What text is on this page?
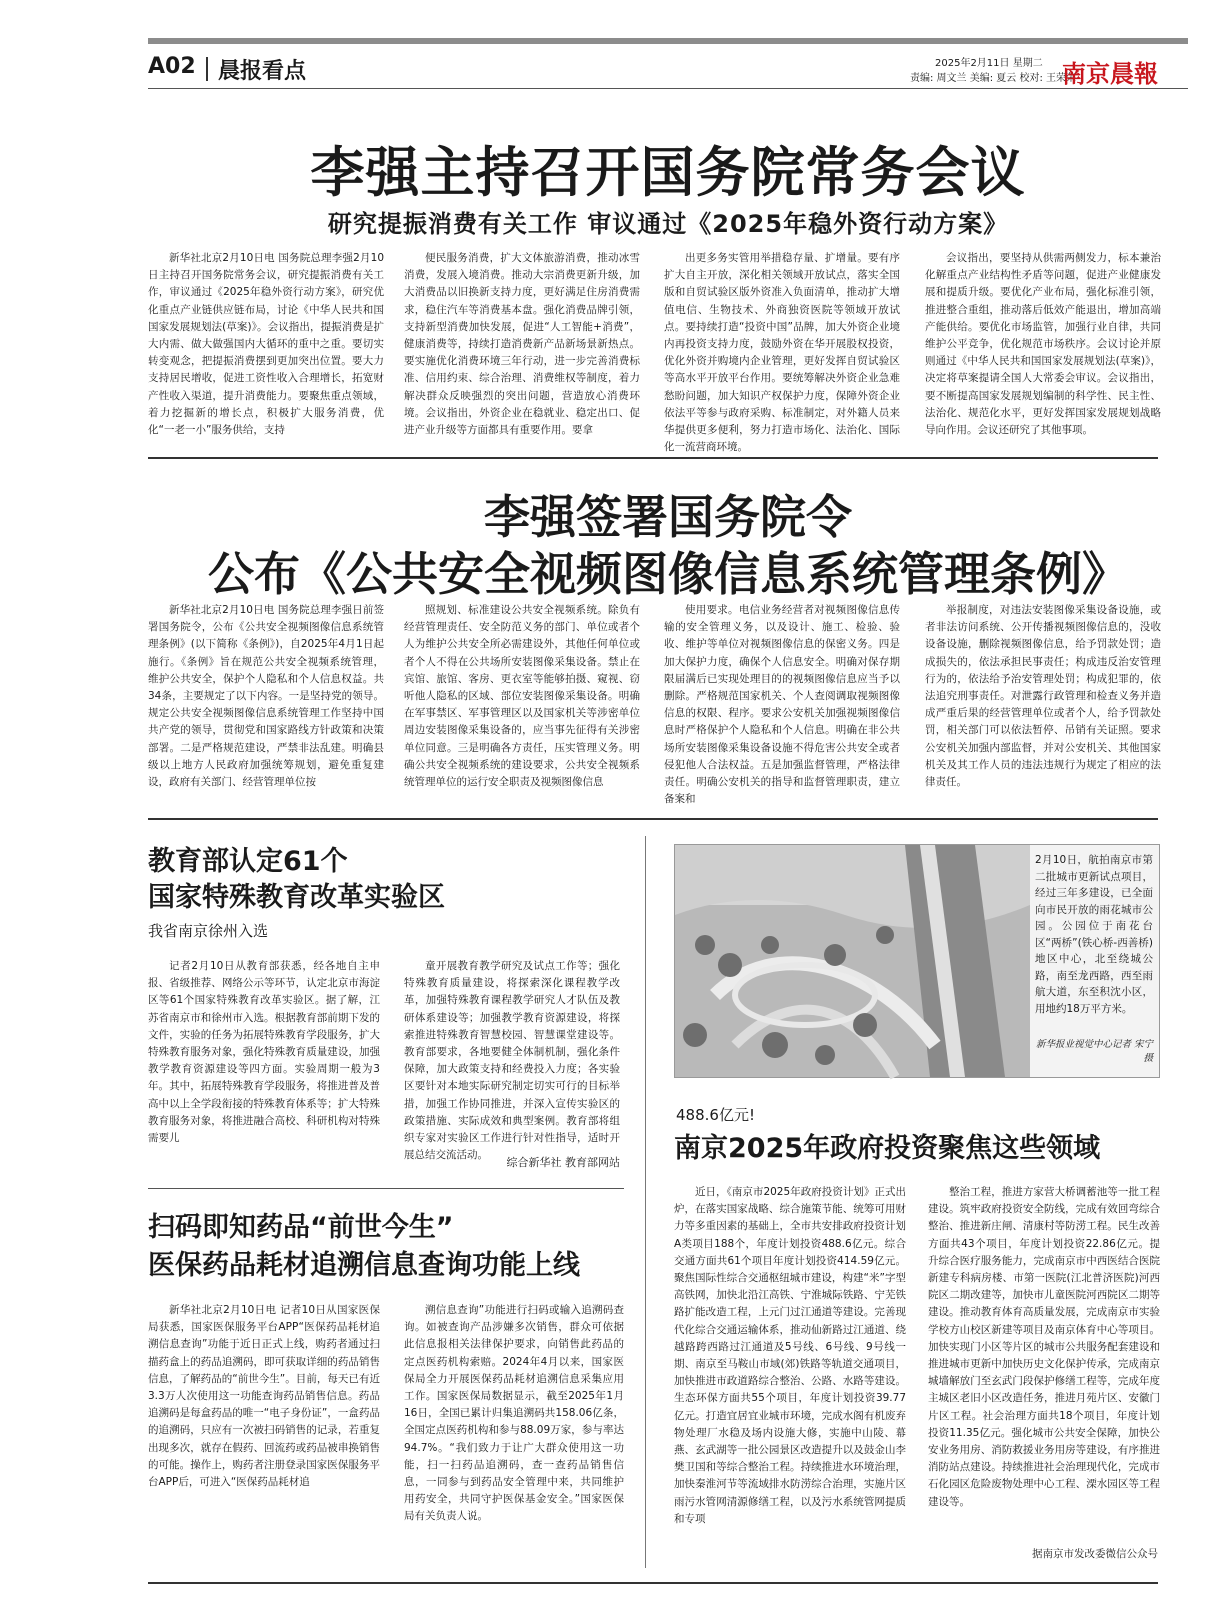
A02 晨报看点	2025年2月11日 星期二
责编: 周文兰 美编: 夏云 校对: 王荣荣
南京晨報
李强主持召开国务院常务会议
研究提振消费有关工作 审议通过《2025年稳外资行动方案》

新华社北京2月10日电 国务院总理李强2月10日主持召开国务院常务会议，研究提振消费有关工作，审议通过《2025年稳外资行动方案》，研究优化重点产业链供应链布局，讨论《中华人民共和国国家发展规划法(草案)》。会议指出，提振消费是扩大内需、做大做强国内大循环的重中之重。要切实转变观念，把提振消费摆到更加突出位置。要大力支持居民增收，促进工资性收入合理增长，拓宽财产性收入渠道，提升消费能力。要聚焦重点领域，着力挖掘新的增长点，积极扩大服务消费，优化“一老一小”服务供给，支持

便民服务消费，扩大文体旅游消费，推动冰雪消费，发展入境消费。推动大宗消费更新升级，加大消费品以旧换新支持力度，更好满足住房消费需求，稳住汽车等消费基本盘。强化消费品牌引领，支持新型消费加快发展，促进“人工智能+消费”，健康消费等，持续打造消费新产品新场景新热点。要实施优化消费环境三年行动，进一步完善消费标准、信用约束、综合治理、消费维权等制度，着力解决群众反映强烈的突出问题，营造放心消费环境。会议指出，外资企业在稳就业、稳定出口、促进产业升级等方面都具有重要作用。要拿

出更多务实管用举措稳存量、扩增量。要有序扩大自主开放，深化相关领域开放试点，落实全国版和自贸试验区版外资准入负面清单，推动扩大增值电信、生物技术、外商独资医院等领域开放试点。要持续打造“投资中国”品牌，加大外资企业境内再投资支持力度，鼓励外资在华开展股权投资，优化外资并购境内企业管理，更好发挥自贸试验区等高水平开放平台作用。要统筹解决外资企业急难愁盼问题，加大知识产权保护力度，保障外资企业依法平等参与政府采购、标准制定，对外籍人员来华提供更多便利，努力打造市场化、法治化、国际化一流营商环境。

会议指出，要坚持从供需两侧发力，标本兼治化解重点产业结构性矛盾等问题，促进产业健康发展和提质升级。要优化产业布局，强化标准引领，推进整合重组，推动落后低效产能退出，增加高端产能供给。要优化市场监管，加强行业自律，共同维护公平竞争，优化规范市场秩序。会议讨论并原则通过《中华人民共和国国家发展规划法(草案)》，决定将草案提请全国人大常委会审议。会议指出，要不断提高国家发展规划编制的科学性、民主性、法治化、规范化水平，更好发挥国家发展规划战略导向作用。会议还研究了其他事项。

李强签署国务院令
公布《公共安全视频图像信息系统管理条例》

新华社北京2月10日电 国务院总理李强日前签署国务院令，公布《公共安全视频图像信息系统管理条例》(以下简称《条例》)，自2025年4月1日起施行。《条例》旨在规范公共安全视频系统管理，维护公共安全，保护个人隐私和个人信息权益。共34条，主要规定了以下内容。一是坚持党的领导。规定公共安全视频图像信息系统管理工作坚持中国共产党的领导，贯彻党和国家路线方针政策和决策部署。二是严格规范建设，严禁非法乱建。明确县级以上地方人民政府加强统筹规划，避免重复建设，政府有关部门、经营管理单位按

照规划、标准建设公共安全视频系统。除负有经营管理责任、安全防范义务的部门、单位或者个人为维护公共安全所必需建设外，其他任何单位或者个人不得在公共场所安装图像采集设备。禁止在宾馆、旅馆、客房、更衣室等能够拍摄、窥视、窃听他人隐私的区域、部位安装图像采集设备。明确在军事禁区、军事管理区以及国家机关等涉密单位周边安装图像采集设备的，应当事先征得有关涉密单位同意。三是明确各方责任，压实管理义务。明确公共安全视频系统的建设要求，公共安全视频系统管理单位的运行安全职责及视频图像信息

使用要求。电信业务经营者对视频图像信息传输的安全管理义务，以及设计、施工、检验、验收、维护等单位对视频图像信息的保密义务。四是加大保护力度，确保个人信息安全。明确对保存期限届满后已实现处理目的的视频图像信息应当予以删除。严格规范国家机关、个人查阅调取视频图像信息的权限、程序。要求公安机关加强视频图像信息时严格保护个人隐私和个人信息。明确在非公共场所安装图像采集设备设施不得危害公共安全或者侵犯他人合法权益。五是加强监督管理，严格法律责任。明确公安机关的指导和监督管理职责，建立备案和

举报制度，对违法安装图像采集设备设施，或者非法访问系统、公开传播视频图像信息的，没收设备设施，删除视频图像信息，给予罚款处罚；造成损失的，依法承担民事责任；构成违反治安管理行为的，依法给予治安管理处罚；构成犯罪的，依法追究刑事责任。对泄露行政管理和检查义务并造成严重后果的经营管理单位或者个人，给予罚款处罚，相关部门可以依法暂停、吊销有关证照。要求公安机关加强内部监督，并对公安机关、其他国家机关及其工作人员的违法违规行为规定了相应的法律责任。

教育部认定61个
国家特殊教育改革实验区
我省南京徐州入选

记者2月10日从教育部获悉，经各地自主申报、省级推荐、网络公示等环节，认定北京市海淀区等61个国家特殊教育改革实验区。据了解，江苏省南京市和徐州市入选。根据教育部前期下发的文件，实验的任务为拓展特殊教育学段服务，扩大特殊教育服务对象，强化特殊教育质量建设，加强教学教育资源建设等四方面。实验周期一般为3年。其中，拓展特殊教育学段服务，将推进普及普高中以上全学段衔接的特殊教育体系等；扩大特殊教育服务对象，将推进融合高校、科研机构对特殊需要儿

童开展教育教学研究及试点工作等；强化特殊教育质量建设，将探索深化课程教学改革，加强特殊教育课程教学研究人才队伍及教研体系建设等；加强教学教育资源建设，将探索推进特殊教育智慧校园、智慧课堂建设等。教育部要求，各地要健全体制机制，强化条件保障，加大政策支持和经费投入力度；各实验区要针对本地实际研究制定切实可行的目标举措，加强工作协同推进，并深入宣传实验区的政策措施、实际成效和典型案例。教育部将组织专家对实验区工作进行针对性指导，适时开展总结交流活动。

综合新华社 教育部网站
扫码即知药品“前世今生”
医保药品耗材追溯信息查询功能上线

新华社北京2月10日电 记者10日从国家医保局获悉，国家医保服务平台APP“医保药品耗材追溯信息查询”功能于近日正式上线，购药者通过扫描药盒上的药品追溯码，即可获取详细的药品销售信息，了解药品的“前世今生”。目前，每天已有近3.3万人次使用这一功能查询药品销售信息。药品追溯码是每盒药品的唯一“电子身份证”，一盒药品的追溯码，只应有一次被扫码销售的记录，若重复出现多次，就存在假药、回流药或药品被串换销售的可能。操作上，购药者注册登录国家医保服务平台APP后，可进入“医保药品耗材追

溯信息查询”功能进行扫码或输入追溯码查询。如被查询产品涉嫌多次销售，群众可依据此信息报相关法律保护要求，向销售此药品的定点医药机构索赔。2024年4月以来，国家医保局全力开展医保药品耗材追溯信息采集应用工作。国家医保局数据显示，截至2025年1月16日，全国已累计归集追溯码共158.06亿条，全国定点医药机构和参与88.09万家，参与率达94.7%。“我们致力于让广大群众使用这一功能，扫一扫药品追溯码，查一查药品销售信息，一同参与到药品安全管理中来，共同维护用药安全，共同守护医保基金安全。”国家医保局有关负责人说。

2月10日，航拍南京市第二批城市更新试点项目，经过三年多建设，已全面向市民开放的雨花城市公园。公园位于南花台区“两桥”(铁心桥-西善桥)地区中心，北至绕城公路，南至龙西路，西至雨航大道，东至积沈小区，用地约18万平方米。
新华报业视觉中心记者 宋宁 摄
488.6亿元!
南京2025年政府投资聚焦这些领域

近日，《南京市2025年政府投资计划》正式出炉，在落实国家战略、综合施策节能、统筹可用财力等多重因素的基础上，全市共安排政府投资计划A类项目188个，年度计划投资488.6亿元。综合交通方面共61个项目年度计划投资414.59亿元。聚焦国际性综合交通枢纽城市建设，构建“米”字型高铁网，加快北沿江高铁、宁淮城际铁路、宁芜铁路扩能改造工程，上元门过江通道等建设。完善现代化综合交通运输体系，推动仙新路过江通道、绕越路跨西路过江通道及5号线、6号线、9号线一期、南京至马鞍山市域(郊)铁路等轨道交通项目，加快推进市政道路综合整治、公路、水路等建设。生态环保方面共55个项目，年度计划投资39.77亿元。打造宜居宜业城市环境，完成水阁有机废弃物处理厂水稳及场内设施大修，实施中山陵、幕燕、玄武湖等一批公园景区改造提升以及鼓金山李樊卫国和等综合整治工程。持续推进水环境治理，加快秦淮河节等流域排水防涝综合治理，实施片区雨污水管网清源修缮工程，以及污水系统管网提质和专项

整治工程，推进方家营大桥调蓄池等一批工程建设。筑牢政府投资安全防线，完成有效回弯综合整治、推进新庄闸、清康村等防涝工程。民生改善方面共43个项目，年度计划投资22.86亿元。提升综合医疗服务能力，完成南京市中西医结合医院新建专科病房楼、市第一医院(江北普济医院)河西院区二期改建等，加快市儿童医院河西院区二期等建设。推动教育体育高质量发展，完成南京市实验学校方山校区新建等项目及南京体育中心等项目。加快实现门小区等片区的城市公共服务配套建设和推进城市更新中加快历史文化保护传承，完成南京城墙解放门至玄武门段保护修缮工程等，完成年度主城区老旧小区改造任务，推进月苑片区、安徽门片区工程。社会治理方面共18个项目，年度计划投资11.35亿元。强化城市公共安全保障，加快公安业务用房、消防救援业务用房等建设，有序推进消防站点建设。持续推进社会治理现代化，完成市石化园区危险废物处理中心工程、溧水园区等工程建设等。

据南京市发改委微信公众号
